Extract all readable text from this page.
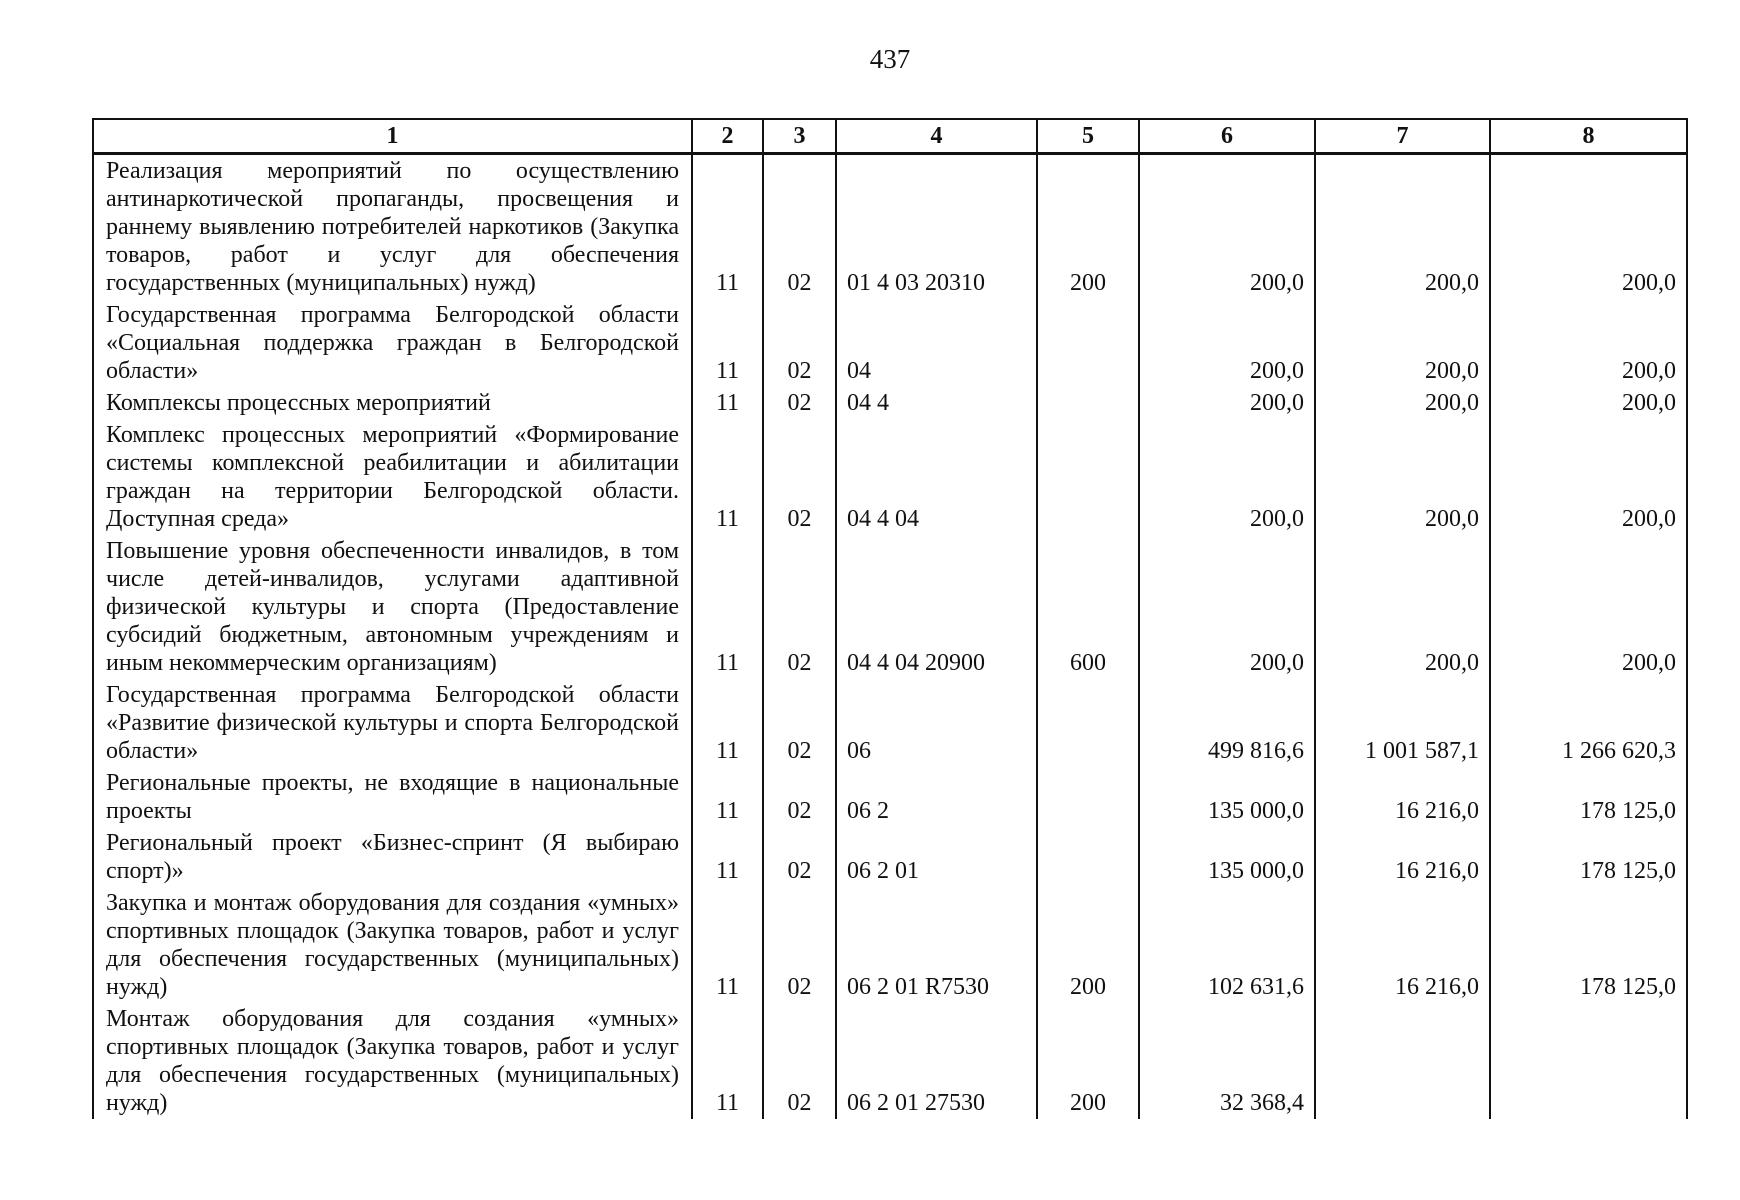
437
1	2	3	4	5	6	7	8
Реализация мероприятий по осуществлению антинаркотической пропаганды, просвещения и раннему выявлению потребителей наркотиков (Закупка товаров, работ и услуг для обеспечения государственных (муниципальных) нужд)	11	02	01 4 03 20310	200	200,0	200,0	200,0
Государственная программа Белгородской области «Социальная поддержка граждан в Белгородской области»	11	02	04		200,0	200,0	200,0
Комплексы процессных мероприятий	11	02	04 4		200,0	200,0	200,0
Комплекс процессных мероприятий «Формирование системы комплексной реабилитации и абилитации граждан на территории Белгородской области. Доступная среда»	11	02	04 4 04		200,0	200,0	200,0
Повышение уровня обеспеченности инвалидов, в том числе детей-инвалидов, услугами адаптивной физической культуры и спорта (Предоставление субсидий бюджетным, автономным учреждениям и иным некоммерческим организациям)	11	02	04 4 04 20900	600	200,0	200,0	200,0
Государственная программа Белгородской области «Развитие физической культуры и спорта Белгородской области»	11	02	06		499 816,6	1 001 587,1	1 266 620,3
Региональные проекты, не входящие в национальные проекты	11	02	06 2		135 000,0	16 216,0	178 125,0
Региональный проект «Бизнес-спринт (Я выбираю спорт)»	11	02	06 2 01		135 000,0	16 216,0	178 125,0
Закупка и монтаж оборудования для создания «умных» спортивных площадок (Закупка товаров, работ и услуг для обеспечения государственных (муниципальных) нужд)	11	02	06 2 01 R7530	200	102 631,6	16 216,0	178 125,0
Монтаж оборудования для создания «умных» спортивных площадок (Закупка товаров, работ и услуг для обеспечения государственных (муниципальных) нужд)	11	02	06 2 01 27530	200	32 368,4		
